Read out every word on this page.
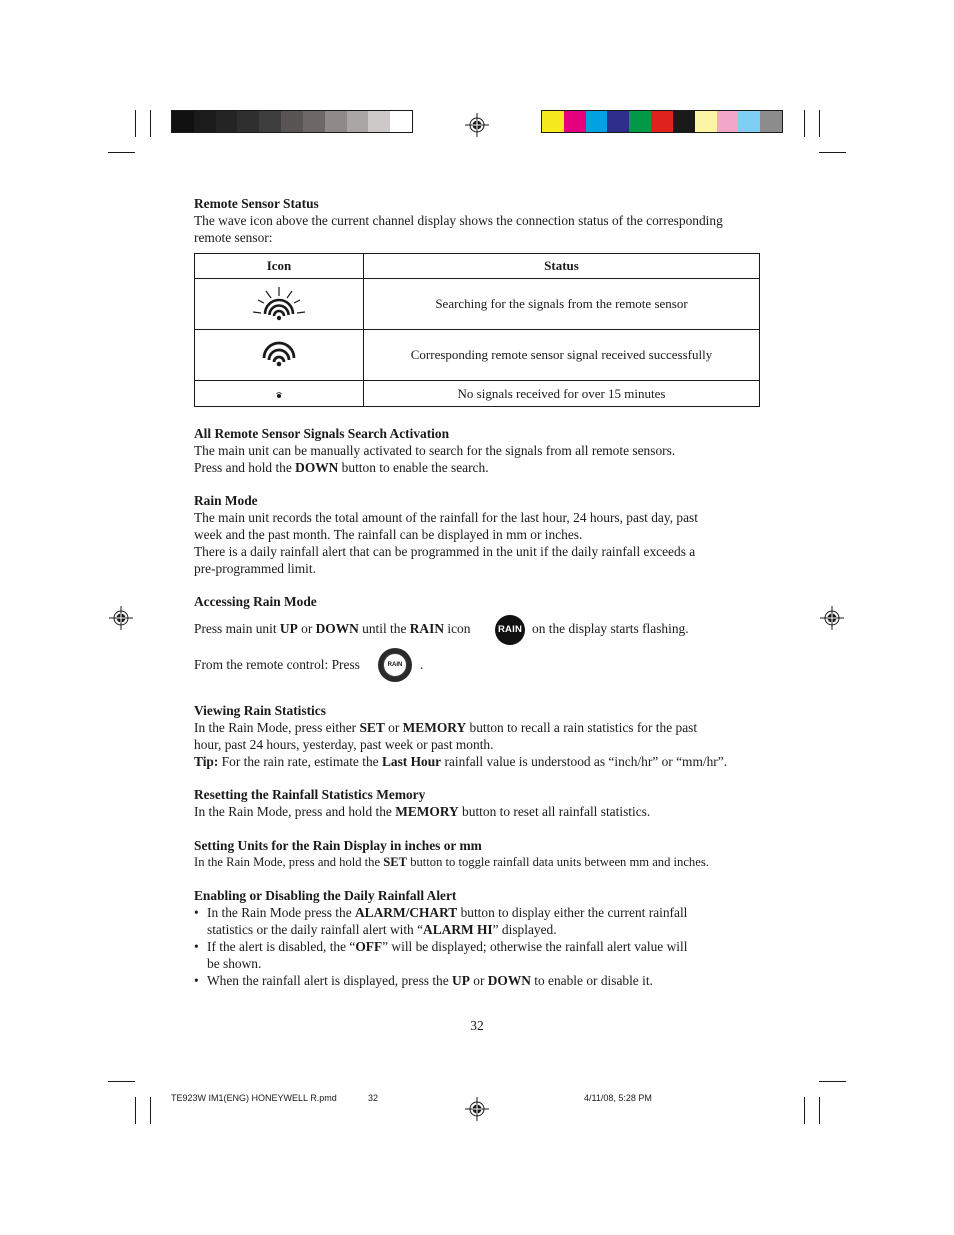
Remote Sensor Status
The wave icon above the current channel display shows the connection status of the corresponding
remote sensor:
Icon	Status

	Searching for the signals from the remote sensor

	Corresponding remote sensor signal received successfully

	No signals received for over 15 minutes
All Remote Sensor Signals Search Activation
The main unit can be manually activated to search for the signals from all remote sensors.
Press and hold the DOWN button to enable the search.
Rain Mode
The main unit records the total amount of the rainfall for the last hour, 24 hours, past day, past
week and the past month. The rainfall can be displayed in mm or inches.
There is a daily rainfall alert that can be programmed in the unit if the daily rainfall exceeds a
pre-programmed limit.
Accessing Rain Mode
Press main unit UP or DOWN until the RAIN icon	RAIN on the display starts flashing.
From the remote control: Press	RAIN	.
Viewing Rain Statistics
In the Rain Mode, press either SET or MEMORY button to recall a rain statistics for the past
hour, past 24 hours, yesterday, past week or past month.
Tip: For the rain rate, estimate the Last Hour rainfall value is understood as “inch/hr” or “mm/hr”.
Resetting the Rainfall Statistics Memory
In the Rain Mode, press and hold the MEMORY button to reset all rainfall statistics.
Setting Units for the Rain Display in inches or mm
In the Rain Mode, press and hold the SET button to toggle rainfall data units between mm and inches.
Enabling or Disabling the Daily Rainfall Alert
• In the Rain Mode press the ALARM/CHART button to display either the current rainfall
statistics or the daily rainfall alert with “ALARM HI” displayed.
• If the alert is disabled, the “OFF” will be displayed; otherwise the rainfall alert value will
be shown.
• When the rainfall alert is displayed, press the UP or DOWN to enable or disable it.
32
TE923W IM1(ENG) HONEYWELL R.pmd	32	4/11/08, 5:28 PM
